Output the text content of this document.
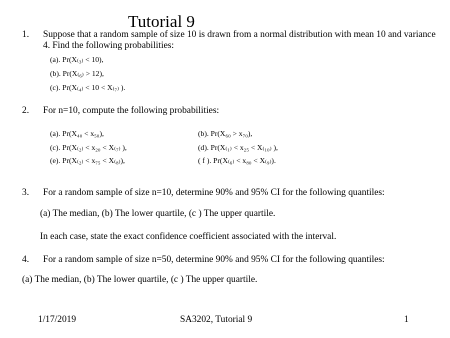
Tutorial 9
1. Suppose that a random sample of size 10 is drawn from a normal distribution with mean 10 and variance
4. Find the following probabilities:
(a). Pr(X₍₃₎ < 10),
(b). Pr(X₍₆₎ > 12),
(c). Pr(X₍₄₎ < 10 < X₍₇₎ ).
2. For n=10, compute the following probabilities:
(a). Pr(X₄₀ < x₅₀),
(c). Pr(X₍₂₎ < x₂₀ < X₍₇₎ ),
(e). Pr(X₍₂₎ < x₇₅ < X₍₈₎),
(b). Pr(X₆₀ > x₇₀),
(d). Pr(X₍₁₎ < x₂₅ < X₍₁₀₎ ),
( f ). Pr(X₍₆₎ < x₈₀ < X₍₉₎).
3. For a random sample of size n=10, determine 90% and 95% CI for the following quantiles:
(a) The median, (b) The lower quartile, (c ) The upper quartile.
In each case, state the exact confidence coefficient associated with the interval.
4. For a random sample of size n=50, determine 90% and 95% CI for the following quantiles:
(a) The median, (b) The lower quartile, (c ) The upper quartile.
1/17/2019	SA3202, Tutorial 9	1
